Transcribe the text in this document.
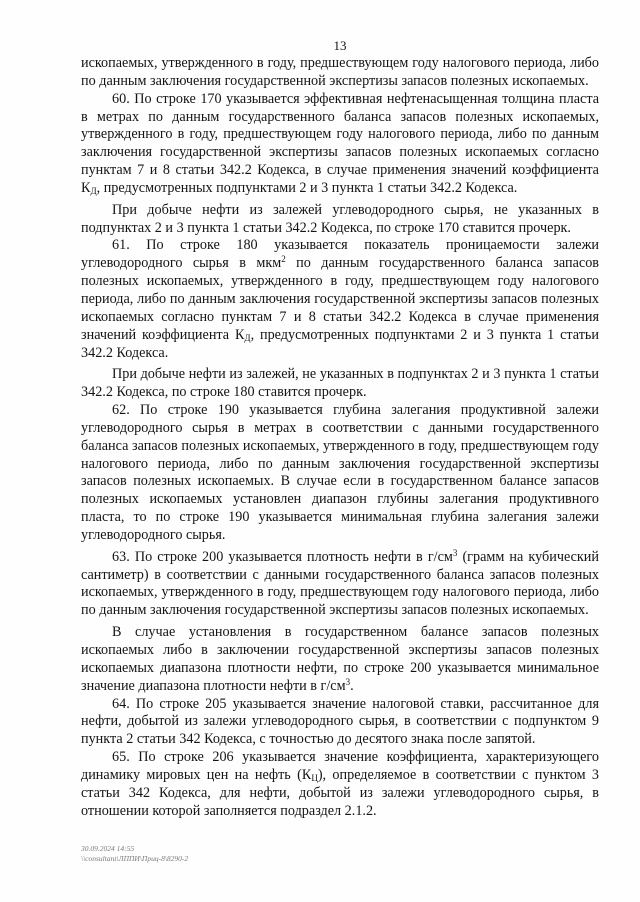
13

ископаемых, утвержденного в году, предшествующем году налогового периода, либо по данным заключения государственной экспертизы запасов полезных ископаемых.

60. По строке 170 указывается эффективная нефтенасыщенная толщина пласта в метрах по данным государственного баланса запасов полезных ископаемых, утвержденного в году, предшествующем году налогового периода, либо по данным заключения государственной экспертизы запасов полезных ископаемых согласно пунктам 7 и 8 статьи 342.2 Кодекса, в случае применения значений коэффициента $К_Д$, предусмотренных подпунктами 2 и 3 пункта 1 статьи 342.2 Кодекса.

При добыче нефти из залежей углеводородного сырья, не указанных в подпунктах 2 и 3 пункта 1 статьи 342.2 Кодекса, по строке 170 ставится прочерк.

61. По строке 180 указывается показатель проницаемости залежи углеводородного сырья в мкм$^2$ по данным государственного баланса запасов полезных ископаемых, утвержденного в году, предшествующем году налогового периода, либо по данным заключения государственной экспертизы запасов полезных ископаемых согласно пунктам 7 и 8 статьи 342.2 Кодекса в случае применения значений коэффициента $К_Д$, предусмотренных подпунктами 2 и 3 пункта 1 статьи 342.2 Кодекса.

При добыче нефти из залежей, не указанных в подпунктах 2 и 3 пункта 1 статьи 342.2 Кодекса, по строке 180 ставится прочерк.

62. По строке 190 указывается глубина залегания продуктивной залежи углеводородного сырья в метрах в соответствии с данными государственного баланса запасов полезных ископаемых, утвержденного в году, предшествующем году налогового периода, либо по данным заключения государственной экспертизы запасов полезных ископаемых. В случае если в государственном балансе запасов полезных ископаемых установлен диапазон глубины залегания продуктивного пласта, то по строке 190 указывается минимальная глубина залегания залежи углеводородного сырья.

63. По строке 200 указывается плотность нефти в $г/см^3$ (грамм на кубический сантиметр) в соответствии с данными государственного баланса запасов полезных ископаемых, утвержденного в году, предшествующем году налогового периода, либо по данным заключения государственной экспертизы запасов полезных ископаемых.

В случае установления в государственном балансе запасов полезных ископаемых либо в заключении государственной экспертизы запасов полезных ископаемых диапазона плотности нефти, по строке 200 указывается минимальное значение диапазона плотности нефти в $г/см^3$.

64. По строке 205 указывается значение налоговой ставки, рассчитанное для нефти, добытой из залежи углеводородного сырья, в соответствии с подпунктом 9 пункта 2 статьи 342 Кодекса, с точностью до десятого знака после запятой.

65. По строке 206 указывается значение коэффициента, характеризующего динамику мировых цен на нефть $(К_Ц)$, определяемое в соответствии с пунктом 3 статьи 342 Кодекса, для нефти, добытой из залежи углеводородного сырья, в отношении которой заполняется подраздел 2.1.2.

30.09.2024 14:55
\\consultant\ЛППИ\Приц-8\8290-2
